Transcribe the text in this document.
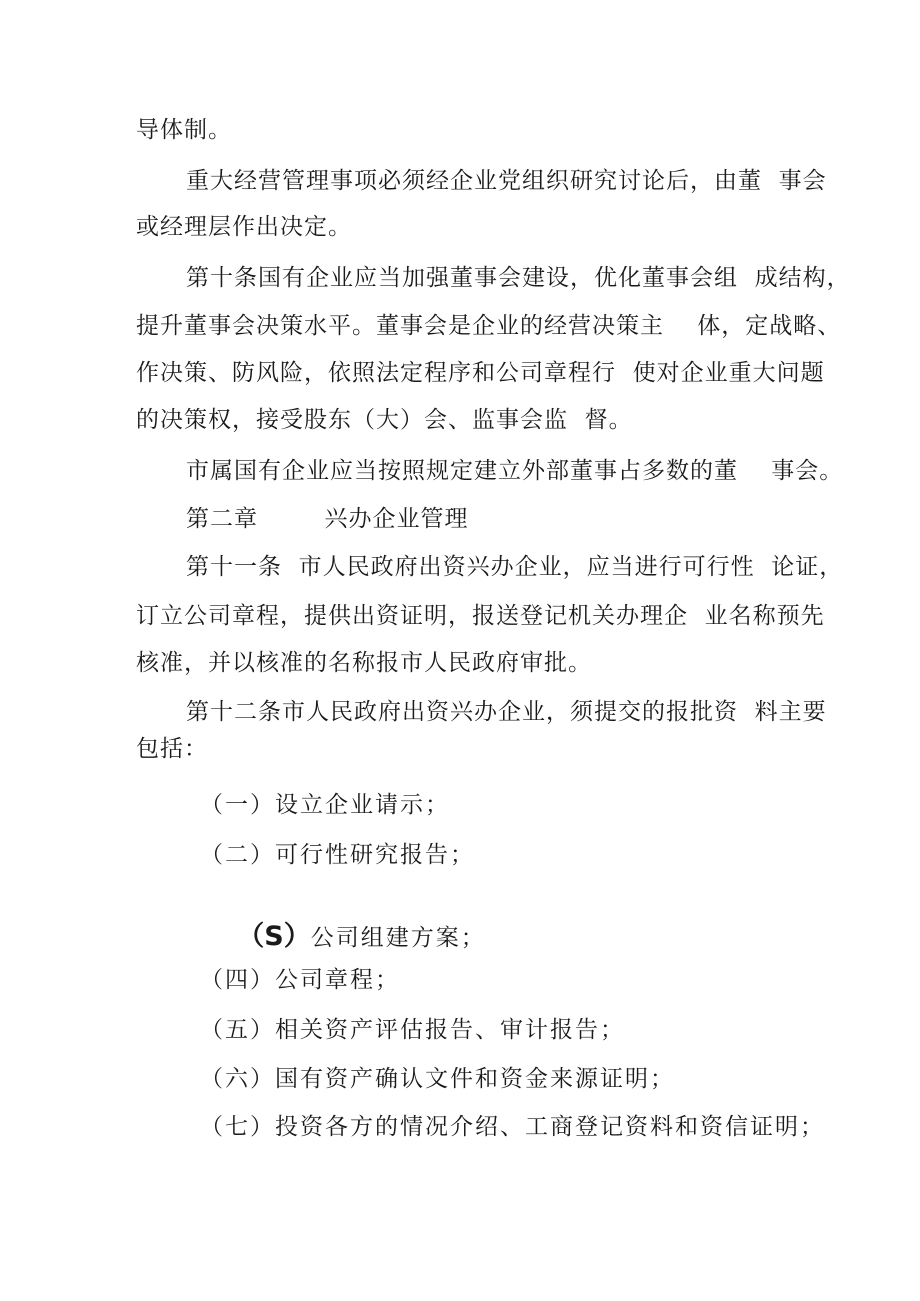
导体制。
重大经营管理事项必须经企业党组织研究讨论后，由董  事会
或经理层作出决定。
第十条国有企业应当加强董事会建设，优化董事会组  成结构，
提升董事会决策水平。董事会是企业的经营决策主    体，定战略、
作决策、防风险，依照法定程序和公司章程行  使对企业重大问题
的决策权，接受股东（大）会、监事会监  督。
市属国有企业应当按照规定建立外部董事占多数的董    事会。
第二章        兴办企业管理
第十一条  市人民政府出资兴办企业，应当进行可行性  论证，
订立公司章程，提供出资证明，报送登记机关办理企  业名称预先
核准，并以核准的名称报市人民政府审批。
第十二条市人民政府出资兴办企业，须提交的报批资  料主要
包括：
（一）设立企业请示；
（二）可行性研究报告；

（S）公司组建方案；

（四）公司章程；
（五）相关资产评估报告、审计报告；
（六）国有资产确认文件和资金来源证明；
（七）投资各方的情况介绍、工商登记资料和资信证明；
